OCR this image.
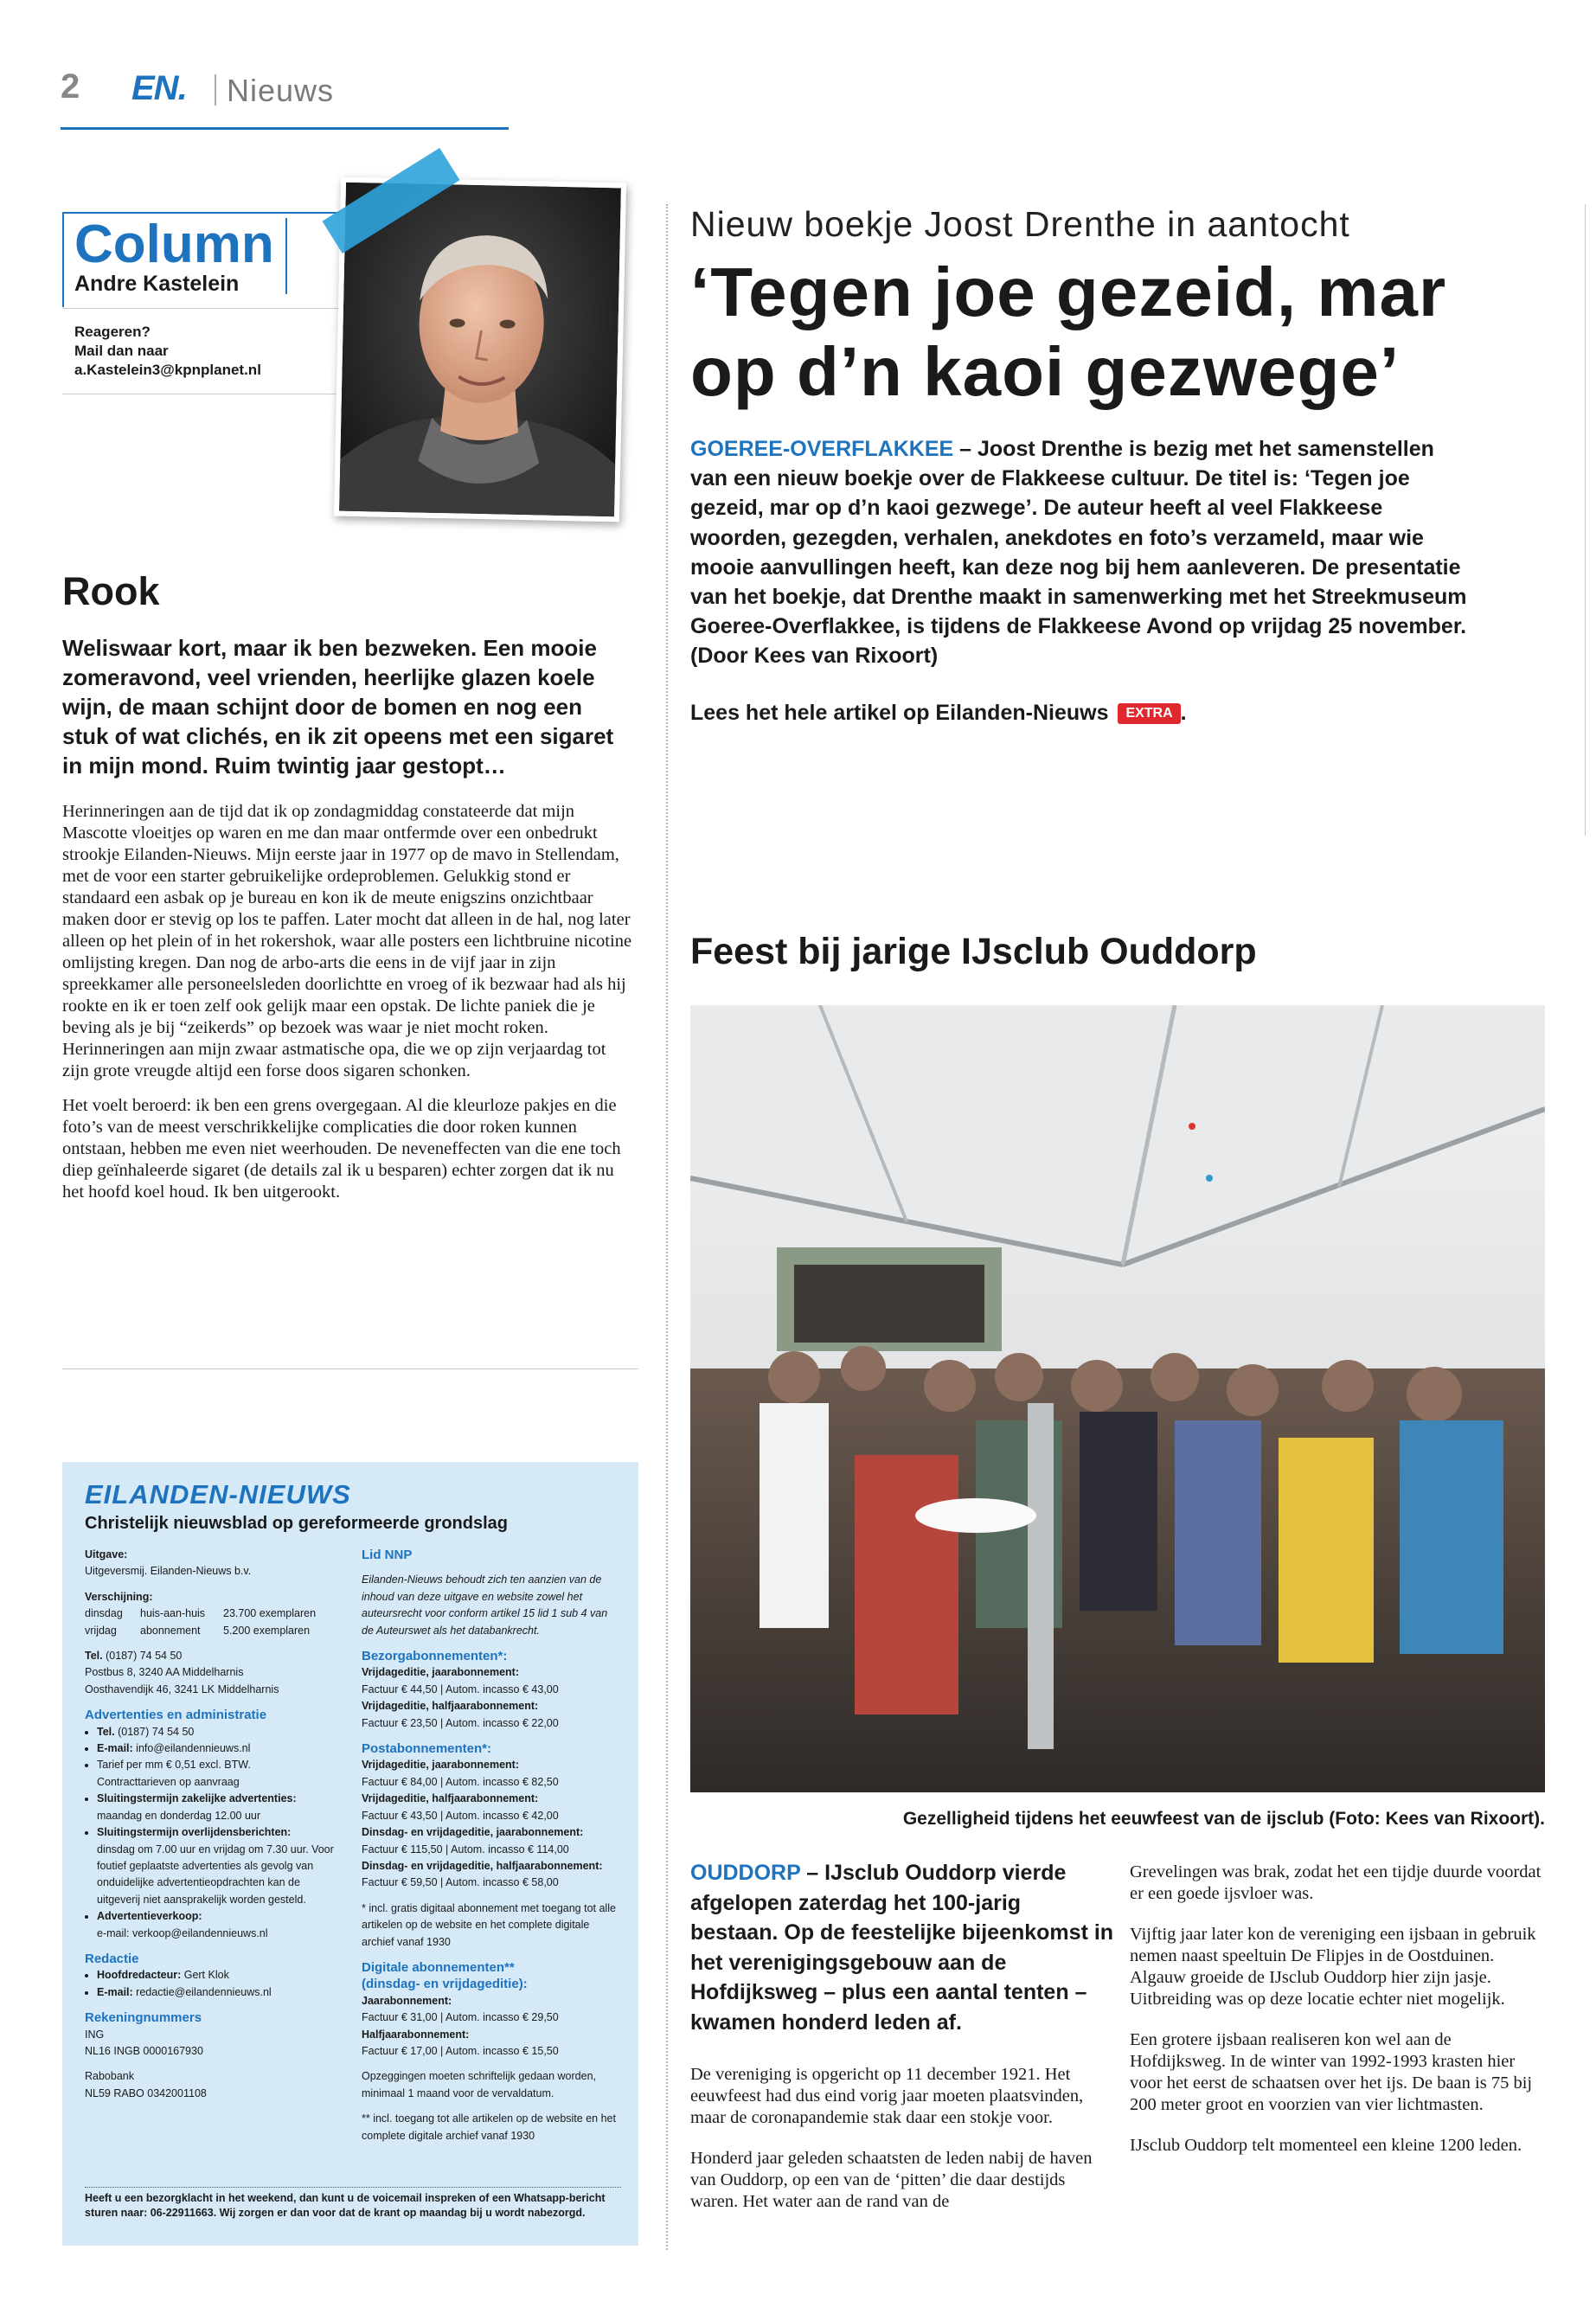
2 EN. Nieuws
Column
Andre Kastelein
Reageren?
Mail dan naar
a.Kastelein3@kpnplanet.nl
Rook
Weliswaar kort, maar ik ben bezweken. Een mooie zomeravond, veel vrienden, heerlijke glazen koele wijn, de maan schijnt door de bomen en nog een stuk of wat clichés, en ik zit opeens met een sigaret in mijn mond. Ruim twintig jaar gestopt…

Herinneringen aan de tijd dat ik op zondagmiddag constateerde dat mijn Mascotte vloeitjes op waren en me dan maar ontfermde over een onbedrukt strookje Eilanden-Nieuws. Mijn eerste jaar in 1977 op de mavo in Stellendam, met de voor een starter gebruikelijke ordeproblemen. Gelukkig stond er standaard een asbak op je bureau en kon ik de meute enigszins onzichtbaar maken door er stevig op los te paffen. Later mocht dat alleen in de hal, nog later alleen op het plein of in het rokershok, waar alle posters een lichtbruine nicotine omlijsting kregen. Dan nog de arbo-arts die eens in de vijf jaar in zijn spreekkamer alle personeelsleden doorlichtte en vroeg of ik bezwaar had als hij rookte en ik er toen zelf ook gelijk maar een opstak. De lichte paniek die je beving als je bij “zeikerds” op bezoek was waar je niet mocht roken. Herinneringen aan mijn zwaar astmatische opa, die we op zijn verjaardag tot zijn grote vreugde altijd een forse doos sigaren schonken.

Het voelt beroerd: ik ben een grens overgegaan. Al die kleurloze pakjes en die foto’s van de meest verschrikkelijke complicaties die door roken kunnen ontstaan, hebben me even niet weerhouden. De neveneffecten van die ene toch diep geïnhaleerde sigaret (de details zal ik u besparen) echter zorgen dat ik nu het hoofd koel houd. Ik ben uitgerookt.

Nieuw boekje Joost Drenthe in aantocht
‘Tegen joe gezeid, mar
op d’n kaoi gezwege’
GOEREE-OVERFLAKKEE – Joost Drenthe is bezig met het samenstellen van een nieuw boekje over de Flakkeese cultuur. De titel is: ‘Tegen joe gezeid, mar op d’n kaoi gezwege’. De auteur heeft al veel Flakkeese woorden, gezegden, verhalen, anekdotes en foto’s verzameld, maar wie mooie aanvullingen heeft, kan deze nog bij hem aanleveren. De presentatie van het boekje, dat Drenthe maakt in samenwerking met het Streekmuseum Goeree-Overflakkee, is tijdens de Flakkeese Avond op vrijdag 25 november. (Door Kees van Rixoort)
Lees het hele artikel op Eilanden-Nieuws EXTRA .
Feest bij jarige IJsclub Ouddorp
Gezelligheid tijdens het eeuwfeest van de ijsclub (Foto: Kees van Rixoort).
OUDDORP – IJsclub Ouddorp vierde afgelopen zaterdag het 100-jarig bestaan. Op de feestelijke bijeenkomst in het verenigingsgebouw aan de Hofdijksweg – plus een aantal tenten – kwamen honderd leden af.

De vereniging is opgericht op 11 december 1921. Het eeuwfeest had dus eind vorig jaar moeten plaatsvinden, maar de coronapandemie stak daar een stokje voor.

Honderd jaar geleden schaatsten de leden nabij de haven van Ouddorp, op een van de ‘pitten’ die daar destijds waren. Het water aan de rand van de

Grevelingen was brak, zodat het een tijdje duurde voordat er een goede ijsvloer was.

Vijftig jaar later kon de vereniging een ijsbaan in gebruik nemen naast speeltuin De Flipjes in de Oostduinen. Algauw groeide de IJsclub Ouddorp hier zijn jasje. Uitbreiding was op deze locatie echter niet mogelijk.

Een grotere ijsbaan realiseren kon wel aan de Hofdijksweg. In de winter van 1992-1993 krasten hier voor het eerst de schaatsen over het ijs. De baan is 75 bij 200 meter groot en voorzien van vier lichtmasten.

IJsclub Ouddorp telt momenteel een kleine 1200 leden.

EILANDEN-NIEUWS
Christelijk nieuwsblad op gereformeerde grondslag
Uitgave:
Uitgeversmij. Eilanden-Nieuws b.v.
Verschijning:
dinsdag huis-aan-huis 23.700 exemplaren
vrijdag abonnement 5.200 exemplaren
Tel. (0187) 74 54 50
Postbus 8, 3240 AA Middelharnis
Oosthavendijk 46, 3241 LK Middelharnis
Advertenties en administratie
• Tel. (0187) 74 54 50
• E-mail: info@eilandennieuws.nl
• Tarief per mm € 0,51 excl. BTW.
Contracttarieven op aanvraag
• Sluitingstermijn zakelijke advertenties:
maandag en donderdag 12.00 uur
• Sluitingstermijn overlijdensberichten:
dinsdag om 7.00 uur en vrijdag om 7.30 uur. Voor foutief geplaatste advertenties als gevolg van onduidelijke advertentieopdrachten kan de uitgeverij niet aansprakelijk worden gesteld.
• Advertentieverkoop:
e-mail: verkoop@eilandennieuws.nl
Redactie
• Hoofdredacteur: Gert Klok
• E-mail: redactie@eilandennieuws.nl
Rekeningnummers
ING
NL16 INGB 0000167930
Rabobank
NL59 RABO 0342001108
Lid NNP
Eilanden-Nieuws behoudt zich ten aanzien van de inhoud van deze uitgave en website zowel het auteursrecht voor conform artikel 15 lid 1 sub 4 van de Auteurswet als het databankrecht.
Bezorgabonnementen*:
Vrijdageditie, jaarabonnement:
Factuur € 44,50 | Autom. incasso € 43,00
Vrijdageditie, halfjaarabonnement:
Factuur € 23,50 | Autom. incasso € 22,00
Postabonnementen*:
Vrijdageditie, jaarabonnement:
Factuur € 84,00 | Autom. incasso € 82,50
Vrijdageditie, halfjaarabonnement:
Factuur € 43,50 | Autom. incasso € 42,00
Dinsdag- en vrijdageditie, jaarabonnement:
Factuur € 115,50 | Autom. incasso € 114,00
Dinsdag- en vrijdageditie, halfjaarabonnement:
Factuur € 59,50 | Autom. incasso € 58,00
* incl. gratis digitaal abonnement met toegang tot alle artikelen op de website en het complete digitale archief vanaf 1930
Digitale abonnementen**
(dinsdag- en vrijdageditie):
Jaarabonnement:
Factuur € 31,00 | Autom. incasso € 29,50
Halfjaarabonnement:
Factuur € 17,00 | Autom. incasso € 15,50
Opzeggingen moeten schriftelijk gedaan worden, minimaal 1 maand voor de vervaldatum.
** incl. toegang tot alle artikelen op de website en het complete digitale archief vanaf 1930
Heeft u een bezorgklacht in het weekend, dan kunt u de voicemail inspreken of een Whatsapp-bericht sturen naar: 06-22911663. Wij zorgen er dan voor dat de krant op maandag bij u wordt nabezorgd.
